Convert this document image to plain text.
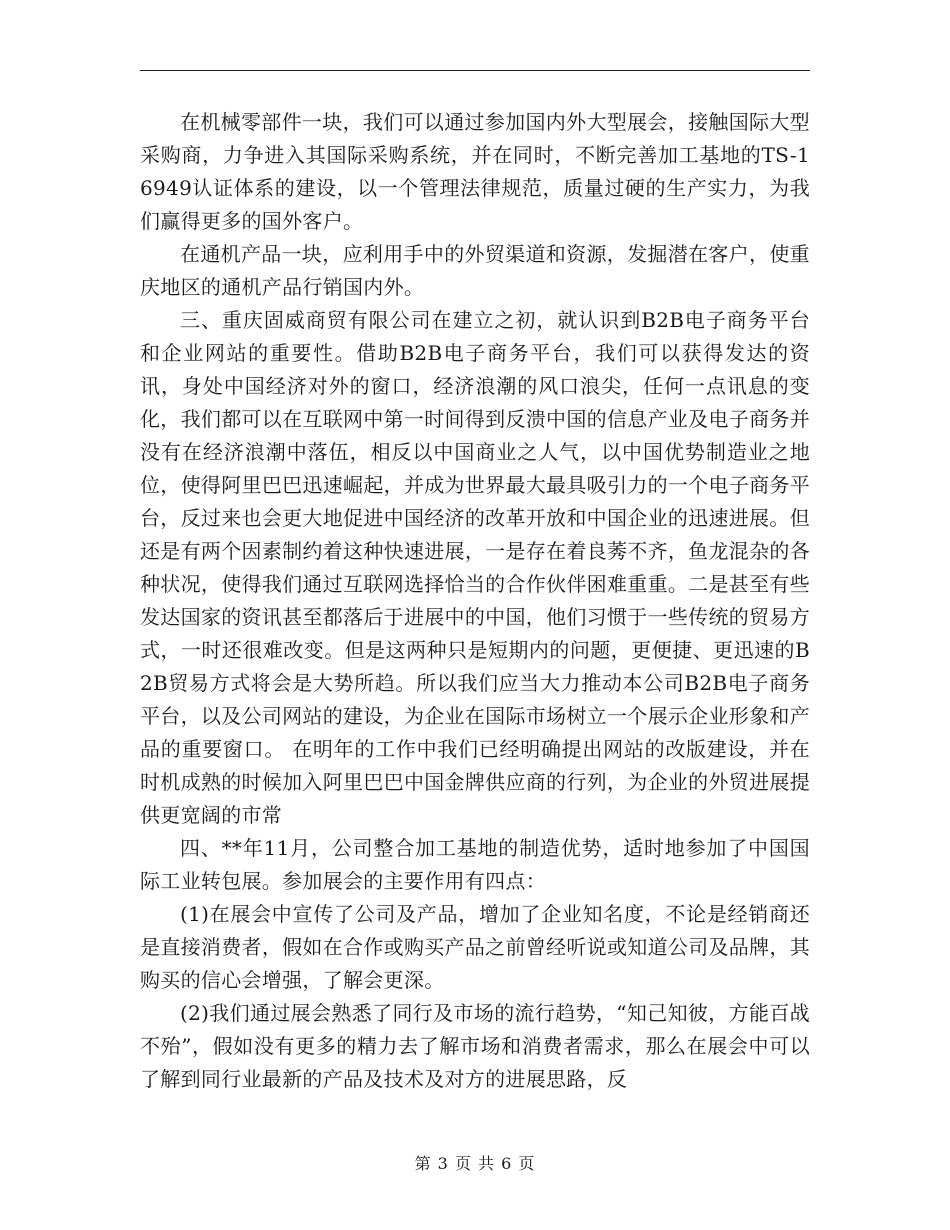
在机械零部件一块，我们可以通过参加国内外大型展会，接触国际大型采购商，力争进入其国际采购系统，并在同时，不断完善加工基地的TS-16949认证体系的建设，以一个管理法律规范，质量过硬的生产实力，为我们赢得更多的国外客户。

在通机产品一块，应利用手中的外贸渠道和资源，发掘潜在客户，使重庆地区的通机产品行销国内外。

三、重庆固威商贸有限公司在建立之初，就认识到B2B电子商务平台和企业网站的重要性。借助B2B电子商务平台，我们可以获得发达的资讯，身处中国经济对外的窗口，经济浪潮的风口浪尖，任何一点讯息的变化，我们都可以在互联网中第一时间得到反溃中国的信息产业及电子商务并没有在经济浪潮中落伍，相反以中国商业之人气，以中国优势制造业之地位，使得阿里巴巴迅速崛起，并成为世界最大最具吸引力的一个电子商务平台，反过来也会更大地促进中国经济的改革开放和中国企业的迅速进展。但还是有两个因素制约着这种快速进展，一是存在着良莠不齐，鱼龙混杂的各种状况，使得我们通过互联网选择恰当的合作伙伴困难重重。二是甚至有些发达国家的资讯甚至都落后于进展中的中国，他们习惯于一些传统的贸易方式，一时还很难改变。但是这两种只是短期内的问题，更便捷、更迅速的B2B贸易方式将会是大势所趋。所以我们应当大力推动本公司B2B电子商务平台，以及公司网站的建设，为企业在国际市场树立一个展示企业形象和产品的重要窗口。 在明年的工作中我们已经明确提出网站的改版建设，并在时机成熟的时候加入阿里巴巴中国金牌供应商的行列，为企业的外贸进展提供更宽阔的市常

四、**年11月，公司整合加工基地的制造优势，适时地参加了中国国际工业转包展。参加展会的主要作用有四点：

(1)在展会中宣传了公司及产品，增加了企业知名度，不论是经销商还是直接消费者，假如在合作或购买产品之前曾经听说或知道公司及品牌，其购买的信心会增强，了解会更深。

(2)我们通过展会熟悉了同行及市场的流行趋势，“知己知彼，方能百战不殆”，假如没有更多的精力去了解市场和消费者需求，那么在展会中可以了解到同行业最新的产品及技术及对方的进展思路，反

第 3 页 共 6 页
